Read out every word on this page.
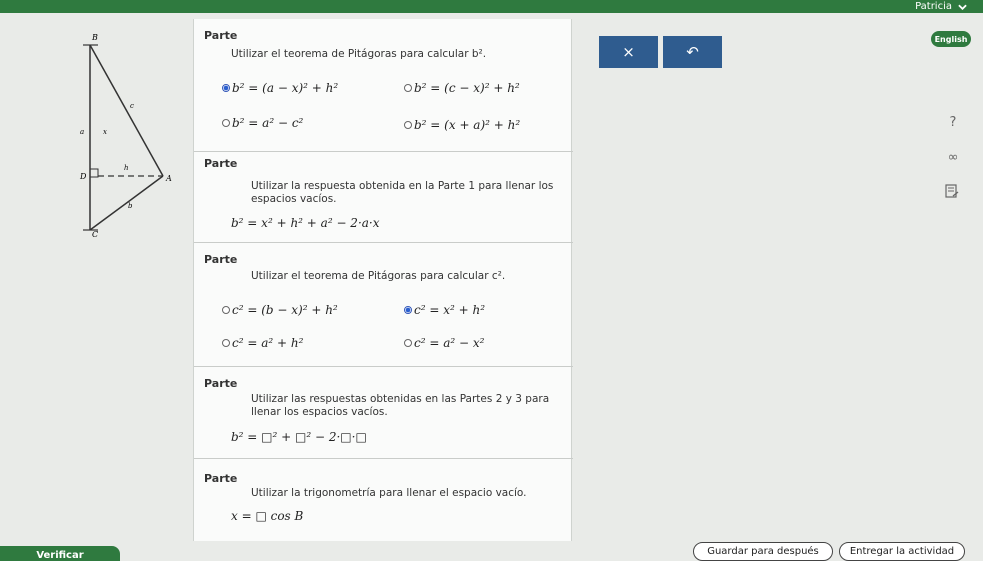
Patricia
B
c
a	x
D
h
A
b
C
Parte
Utilizar el teorema de Pitágoras para calcular b².
b² = (a − x)² + h²	b² = (c − x)² + h²
b² = a² − c²	b² = (x + a)² + h²
Parte
Utilizar la respuesta obtenida en la Parte 1 para llenar los espacios vacíos.
b² = x² + h² + a² − 2·a·x
Parte
Utilizar el teorema de Pitágoras para calcular c².
c² = (b − x)² + h²	c² = x² + h²
c² = a² + h²	c² = a² − x²
Parte
Utilizar las respuestas obtenidas en las Partes 2 y 3 para llenar los espacios vacíos.
b² = □² + □² − 2·□·□
Parte
Utilizar la trigonometría para llenar el espacio vacío.
x = □ cos B
×	↶
English
?
∞
Verificar	Guardar para después	Entregar la actividad
